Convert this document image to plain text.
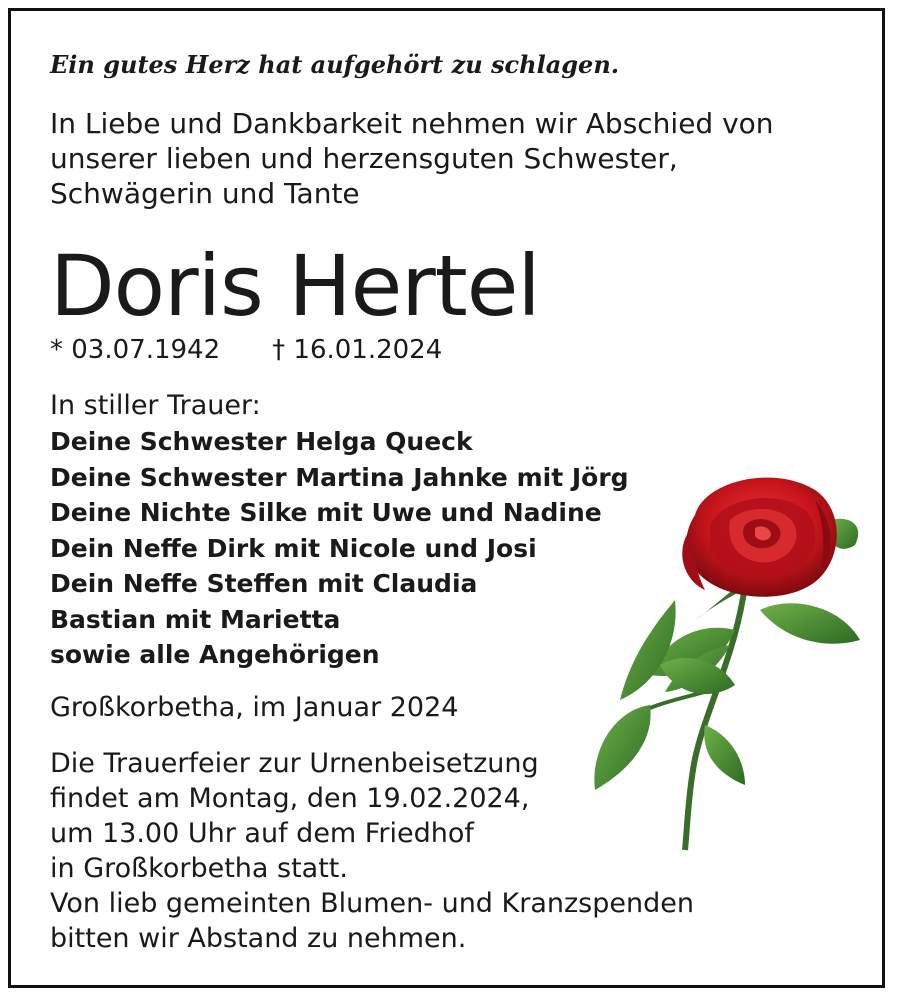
Ein gutes Herz hat aufgehört zu schlagen.
In Liebe und Dankbarkeit nehmen wir Abschied von
unserer lieben und herzensguten Schwester,
Schwägerin und Tante
Doris Hertel
* 03.07.1942 † 16.01.2024
In stiller Trauer:
Deine Schwester Helga Queck
Deine Schwester Martina Jahnke mit Jörg
Deine Nichte Silke mit Uwe und Nadine
Dein Neffe Dirk mit Nicole und Josi
Dein Neffe Steffen mit Claudia
Bastian mit Marietta
sowie alle Angehörigen
Großkorbetha, im Januar 2024
Die Trauerfeier zur Urnenbeisetzung
findet am Montag, den 19.02.2024,
um 13.00 Uhr auf dem Friedhof
in Großkorbetha statt.
Von lieb gemeinten Blumen- und Kranzspenden
bitten wir Abstand zu nehmen.
